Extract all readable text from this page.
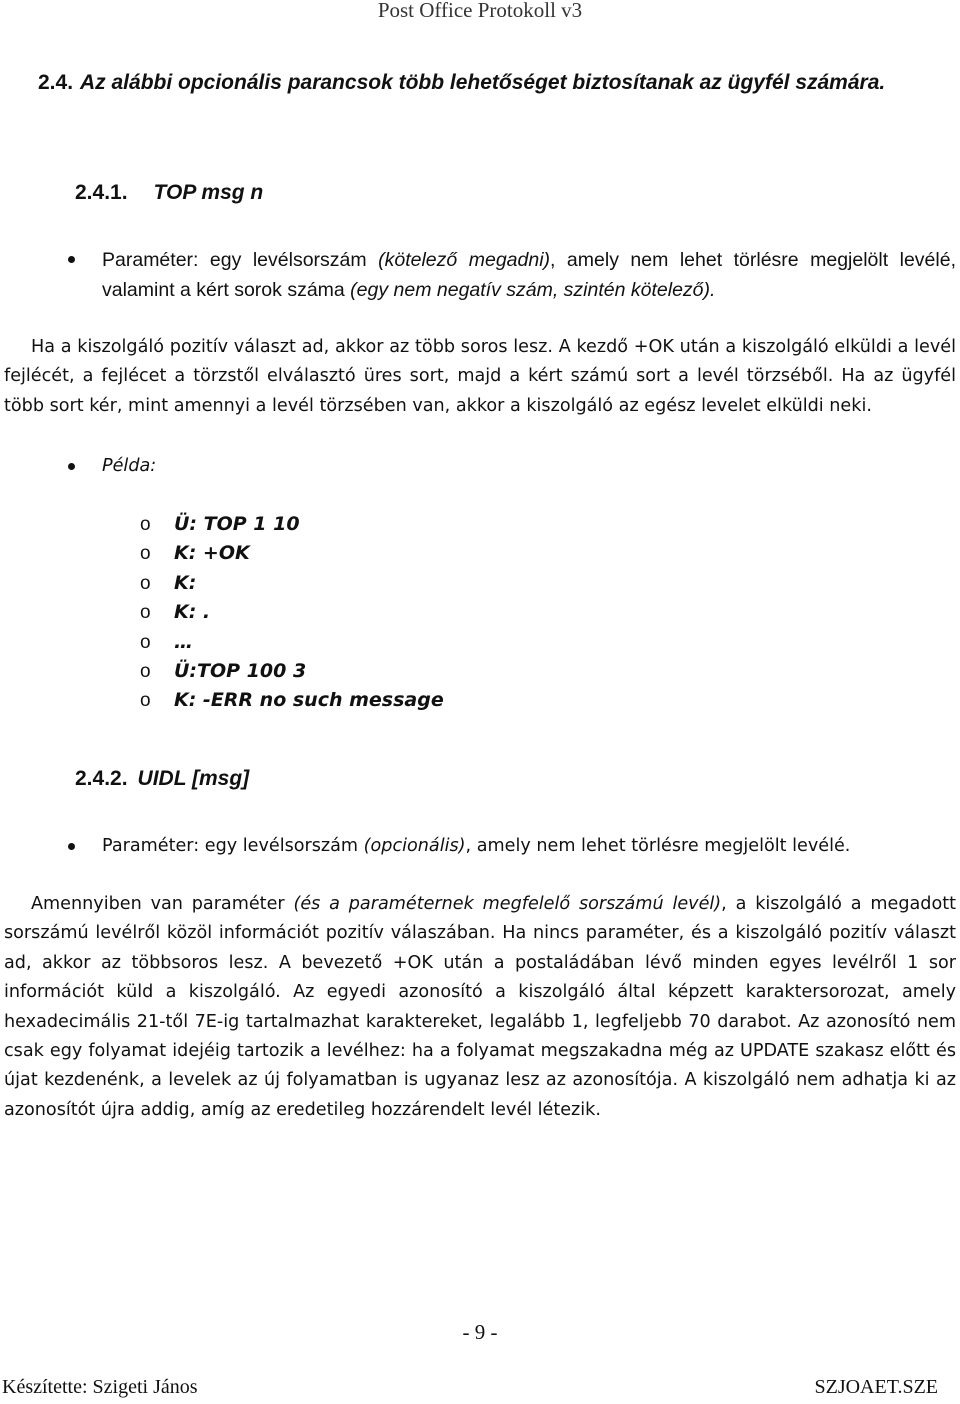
Post Office Protokoll v3
2.4. Az alábbi opcionális parancsok több lehetőséget biztosítanak az ügyfél számára.
2.4.1. TOP msg n
Paraméter: egy levélsorszám (kötelező megadni), amely nem lehet törlésre megjelölt levélé, valamint a kért sorok száma (egy nem negatív szám, szintén kötelező).
Ha a kiszolgáló pozitív választ ad, akkor az több soros lesz. A kezdő +OK után a kiszolgáló elküldi a levél fejlécét, a fejlécet a törzstől elválasztó üres sort, majd a kért számú sort a levél törzséből. Ha az ügyfél több sort kér, mint amennyi a levél törzsében van, akkor a kiszolgáló az egész levelet elküldi neki.
Példa:
o Ü: TOP 1 10
o K: +OK
o K:
o K: .
o …
o Ü:TOP 100 3
o K: -ERR no such message
2.4.2. UIDL [msg]
Paraméter: egy levélsorszám (opcionális), amely nem lehet törlésre megjelölt levélé.
Amennyiben van paraméter (és a paraméternek megfelelő sorszámú levél), a kiszolgáló a megadott sorszámú levélről közöl információt pozitív válaszában. Ha nincs paraméter, és a kiszolgáló pozitív választ ad, akkor az többsoros lesz. A bevezető +OK után a postaládában lévő minden egyes levélről 1 sor információt küld a kiszolgáló. Az egyedi azonosító a kiszolgáló által képzett karaktersorozat, amely hexadecimális 21-től 7E-ig tartalmazhat karaktereket, legalább 1, legfeljebb 70 darabot. Az azonosító nem csak egy folyamat idejéig tartozik a levélhez: ha a folyamat megszakadna még az UPDATE szakasz előtt és újat kezdenénk, a levelek az új folyamatban is ugyanaz lesz az azonosítója. A kiszolgáló nem adhatja ki az azonosítót újra addig, amíg az eredetileg hozzárendelt levél létezik.
- 9 -
Készítette: Szigeti János	SZJOAET.SZE
